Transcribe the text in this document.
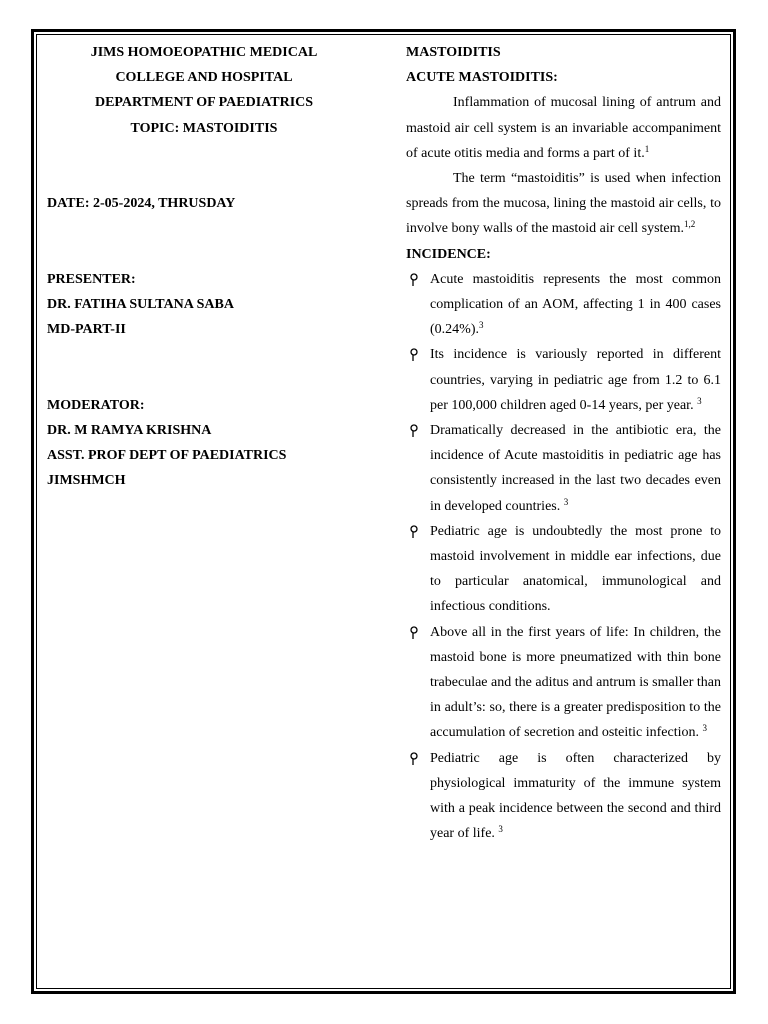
JIMS HOMOEOPATHIC MEDICAL
COLLEGE AND HOSPITAL
DEPARTMENT OF PAEDIATRICS
TOPIC: MASTOIDITIS
DATE: 2-05-2024, THRUSDAY
PRESENTER:
DR. FATIHA SULTANA SABA
MD-PART-II
MODERATOR:
DR. M RAMYA KRISHNA
ASST. PROF DEPT OF PAEDIATRICS
JIMSHMCH
MASTOIDITIS
ACUTE MASTOIDITIS:
Inflammation of mucosal lining of antrum and mastoid air cell system is an invariable accompaniment of acute otitis media and forms a part of it.$^1$
The term “mastoiditis” is used when infection spreads from the mucosa, lining the mastoid air cells, to involve bony walls of the mastoid air cell system.$^{1,2}$
INCIDENCE:
Acute mastoiditis represents the most common complication of an AOM, affecting 1 in 400 cases (0.24%).$^3$
Its incidence is variously reported in different countries, varying in pediatric age from 1.2 to 6.1 per 100,000 children aged 0-14 years, per year. $^3$
Dramatically decreased in the antibiotic era, the incidence of Acute mastoiditis in pediatric age has consistently increased in the last two decades even in developed countries. $^3$
Pediatric age is undoubtedly the most prone to mastoid involvement in middle ear infections, due to particular anatomical, immunological and infectious conditions.
Above all in the first years of life: In children, the mastoid bone is more pneumatized with thin bone trabeculae and the aditus and antrum is smaller than in adult’s: so, there is a greater predisposition to the accumulation of secretion and osteitic infection. $^3$
Pediatric age is often characterized by physiological immaturity of the immune system with a peak incidence between the second and third year of life. $^3$
